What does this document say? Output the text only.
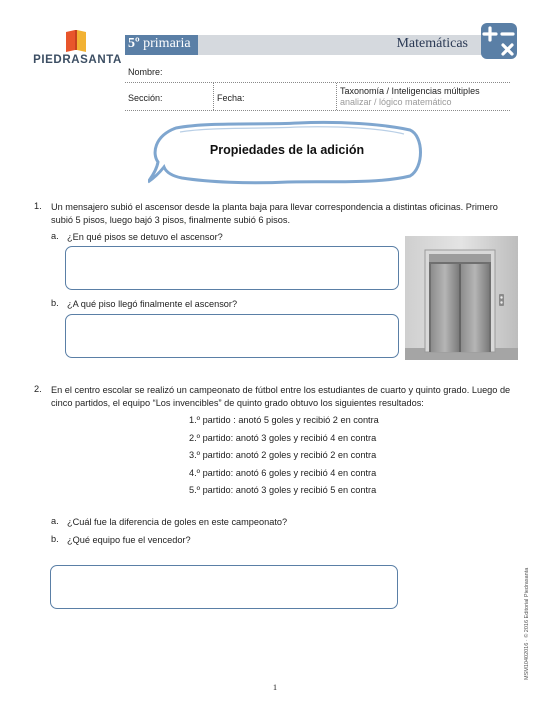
PIEDRASANTA
5º primaria	Matemáticas
Nombre:
Sección:	Fecha:
Taxonomía / Inteligencias múltiples
analizar / lógico matemático
Propiedades de la adición
1. Un mensajero subió el ascensor desde la planta baja para llevar correspondencia a distintas oficinas. Primero subió 5 pisos, luego bajó 3 pisos, finalmente subió 6 pisos.
a. ¿En qué pisos se detuvo el ascensor?
b. ¿A qué piso llegó finalmente el ascensor?
2. En el centro escolar se realizó un campeonato de fútbol entre los estudiantes de cuarto y quinto grado. Luego de cinco partidos, el equipo “Los invencibles” de quinto grado obtuvo los siguientes resultados:
1.º partido : anotó 5 goles y recibió 2 en contra
2.º partido: anotó 3 goles y recibió 4 en contra
3.º partido: anotó 2 goles y recibió 2 en contra
4.º partido: anotó 6 goles y recibió 4 en contra
5.º partido: anotó 3 goles y recibió 5 en contra
a. ¿Cuál fue la diferencia de goles en este campeonato?
b. ¿Qué equipo fue el vencedor?
MSM10402016 · © 2016 Editorial Piedrasanta
1
